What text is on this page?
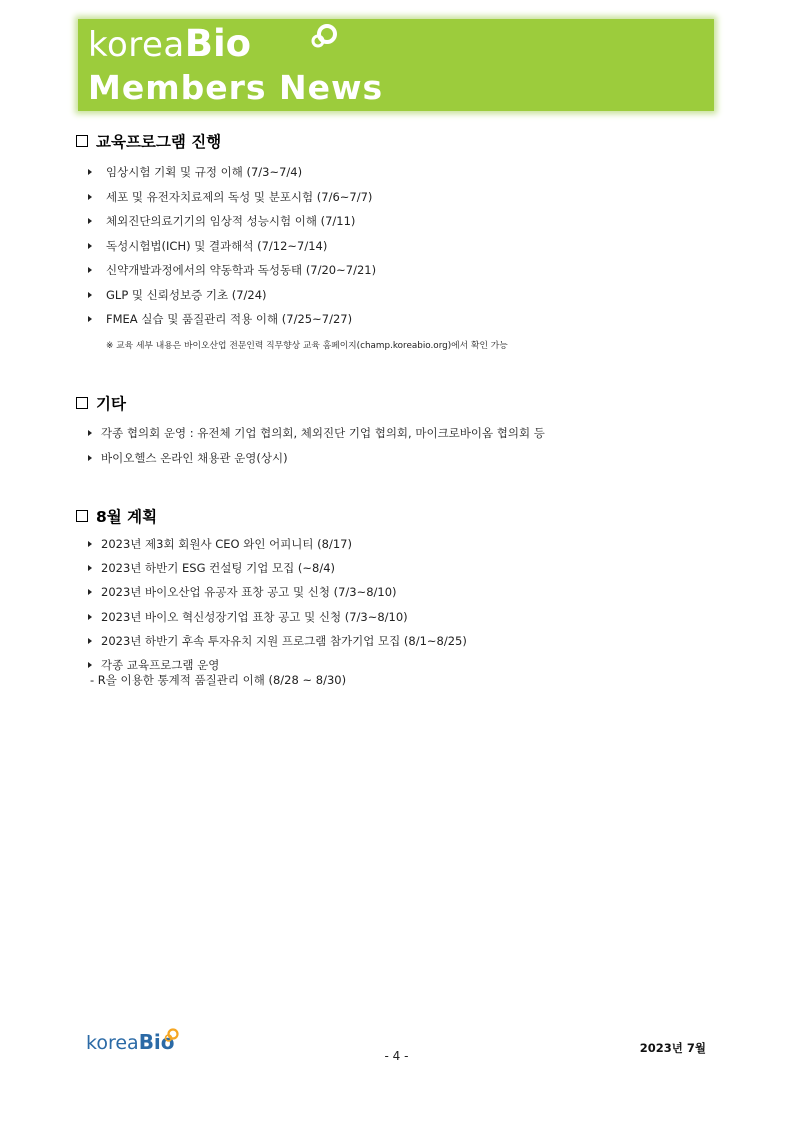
koreaBio
Members News
교육프로그램 진행
임상시험 기획 및 규정 이해 (7/3~7/4)
세포 및 유전자치료제의 독성 및 분포시험 (7/6~7/7)
체외진단의료기기의 임상적 성능시험 이해 (7/11)
독성시험법(ICH) 및 결과해석 (7/12~7/14)
신약개발과정에서의 약동학과 독성동태 (7/20~7/21)
GLP 및 신뢰성보증 기초 (7/24)
FMEA 실습 및 품질관리 적용 이해 (7/25~7/27)
※ 교육 세부 내용은 바이오산업 전문인력 직무향상 교육 홈페이지(champ.koreabio.org)에서 확인 가능
기타
각종 협의회 운영 : 유전체 기업 협의회, 체외진단 기업 협의회, 마이크로바이옴 협의회 등
바이오헬스 온라인 채용관 운영(상시)
8월 계획
2023년 제3회 회원사 CEO 와인 어피니티 (8/17)
2023년 하반기 ESG 컨설팅 기업 모집 (~8/4)
2023년 바이오산업 유공자 표창 공고 및 신청 (7/3~8/10)
2023년 바이오 혁신성장기업 표창 공고 및 신청 (7/3~8/10)
2023년 하반기 후속 투자유치 지원 프로그램 참가기업 모집 (8/1~8/25)
각종 교육프로그램 운영
- R을 이용한 통계적 품질관리 이해 (8/28 ~ 8/30)
koreaBio
- 4 -
2023년 7월
